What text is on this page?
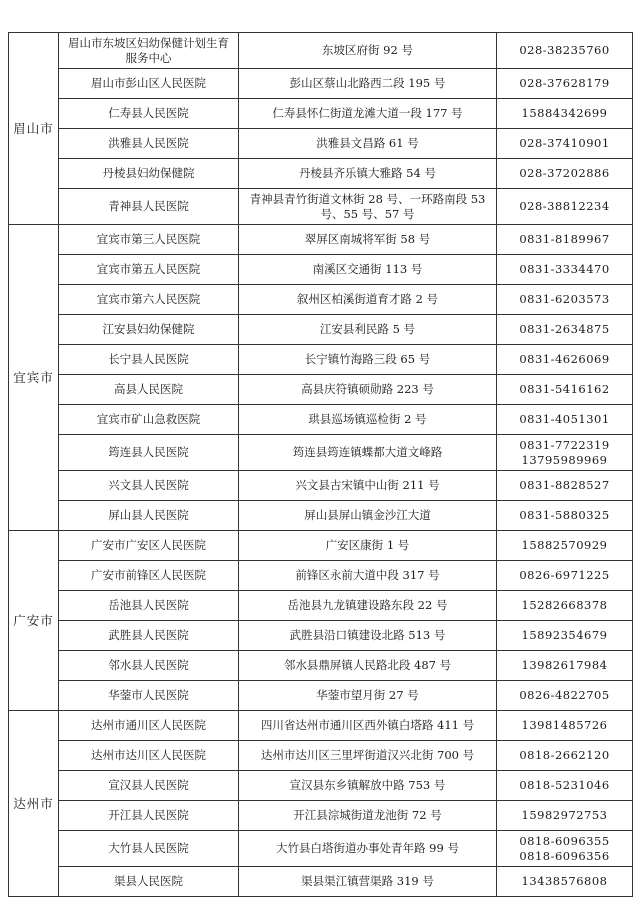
眉山市	眉山市东坡区妇幼保健计划生育服务中心	东坡区府街 92 号	028-38235760

	眉山市彭山区人民医院	彭山区蔡山北路西二段 195 号	028-37628179

	仁寿县人民医院	仁寿县怀仁街道龙滩大道一段 177 号	15884342699

	洪雅县人民医院	洪雅县文昌路 61 号	028-37410901

	丹棱县妇幼保健院	丹棱县齐乐镇大雅路 54 号	028-37202886

	青神县人民医院	青神县青竹街道文林街 28 号、一环路南段 53 号、55 号、57 号	028-38812234

宜宾市	宜宾市第三人民医院	翠屏区南城将军街 58 号	0831-8189967

	宜宾市第五人民医院	南溪区交通街 113 号	0831-3334470

	宜宾市第六人民医院	叙州区柏溪街道育才路 2 号	0831-6203573

	江安县妇幼保健院	江安县利民路 5 号	0831-2634875

	长宁县人民医院	长宁镇竹海路三段 65 号	0831-4626069

	高县人民医院	高县庆符镇硕勋路 223 号	0831-5416162

	宜宾市矿山急救医院	珙县巡场镇巡检街 2 号	0831-4051301

	筠连县人民医院	筠连县筠连镇蝶都大道文峰路	0831-7722319
13795989969

	兴文县人民医院	兴文县古宋镇中山街 211 号	0831-8828527

	屏山县人民医院	屏山县屏山镇金沙江大道	0831-5880325

广安市	广安市广安区人民医院	广安区康街 1 号	15882570929

	广安市前锋区人民医院	前锋区永前大道中段 317 号	0826-6971225

	岳池县人民医院	岳池县九龙镇建设路东段 22 号	15282668378

	武胜县人民医院	武胜县沿口镇建设北路 513 号	15892354679

	邻水县人民医院	邻水县鼎屏镇人民路北段 487 号	13982617984

	华蓥市人民医院	华蓥市望月街 27 号	0826-4822705

达州市	达州市通川区人民医院	四川省达州市通川区西外镇白塔路 411 号	13981485726

	达州市达川区人民医院	达州市达川区三里坪街道汉兴北街 700 号	0818-2662120

	宣汉县人民医院	宣汉县东乡镇解放中路 753 号	0818-5231046

	开江县人民医院	开江县淙城街道龙池街 72 号	15982972753

	大竹县人民医院	大竹县白塔街道办事处青年路 99 号	0818-6096355
0818-6096356

	渠县人民医院	渠县渠江镇营渠路 319 号	13438576808
